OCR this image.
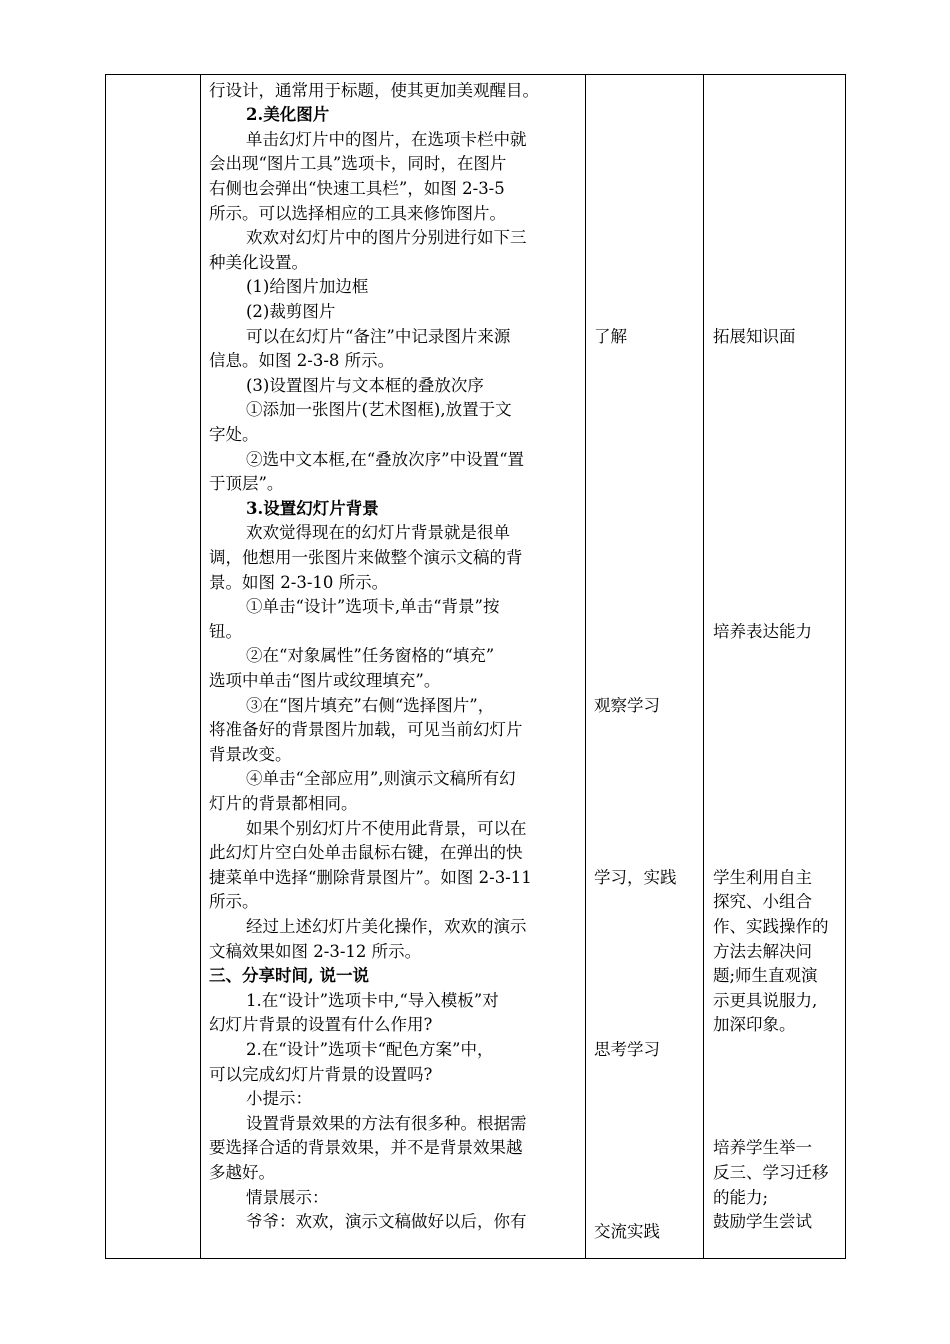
行设计，通常用于标题，使其更加美观醒目。
2.美化图片
单击幻灯片中的图片，在选项卡栏中就
会出现“图片工具”选项卡，同时，在图片
右侧也会弹出“快速工具栏”，如图 2-3-5
所示。可以选择相应的工具来修饰图片。
欢欢对幻灯片中的图片分别进行如下三
种美化设置。
(1)给图片加边框
(2)裁剪图片
可以在幻灯片“备注”中记录图片来源
信息。如图 2-3-8 所示。
(3)设置图片与文本框的叠放次序
①添加一张图片(艺术图框),放置于文
字处。
②选中文本框,在“叠放次序”中设置“置
于顶层”。
3.设置幻灯片背景
欢欢觉得现在的幻灯片背景就是很单
调，他想用一张图片来做整个演示文稿的背
景。如图 2-3-10 所示。
①单击“设计”选项卡,单击“背景”按
钮。
②在“对象属性”任务窗格的“填充”
选项中单击“图片或纹理填充”。
③在“图片填充”右侧“选择图片”，
将准备好的背景图片加载，可见当前幻灯片
背景改变。
④单击“全部应用”,则演示文稿所有幻
灯片的背景都相同。
如果个别幻灯片不使用此背景，可以在
此幻灯片空白处单击鼠标右键，在弹出的快
捷菜单中选择“删除背景图片”。如图 2-3-11
所示。
经过上述幻灯片美化操作，欢欢的演示
文稿效果如图 2-3-12 所示。
三、分享时间, 说一说
1.在“设计”选项卡中,“导入模板”对
幻灯片背景的设置有什么作用?
2.在“设计”选项卡“配色方案”中，
可以完成幻灯片背景的设置吗?
小提示：
设置背景效果的方法有很多种。根据需
要选择合适的背景效果，并不是背景效果越
多越好。
情景展示：
爷爷：欢欢，演示文稿做好以后，你有
了解
观察学习
学习，实践
思考学习
交流实践
拓展知识面
培养表达能力
学生利用自主
探究、小组合
作、实践操作的
方法去解决问
题;师生直观演
示更具说服力,
加深印象。
培养学生举一
反三、学习迁移
的能力;
鼓励学生尝试
